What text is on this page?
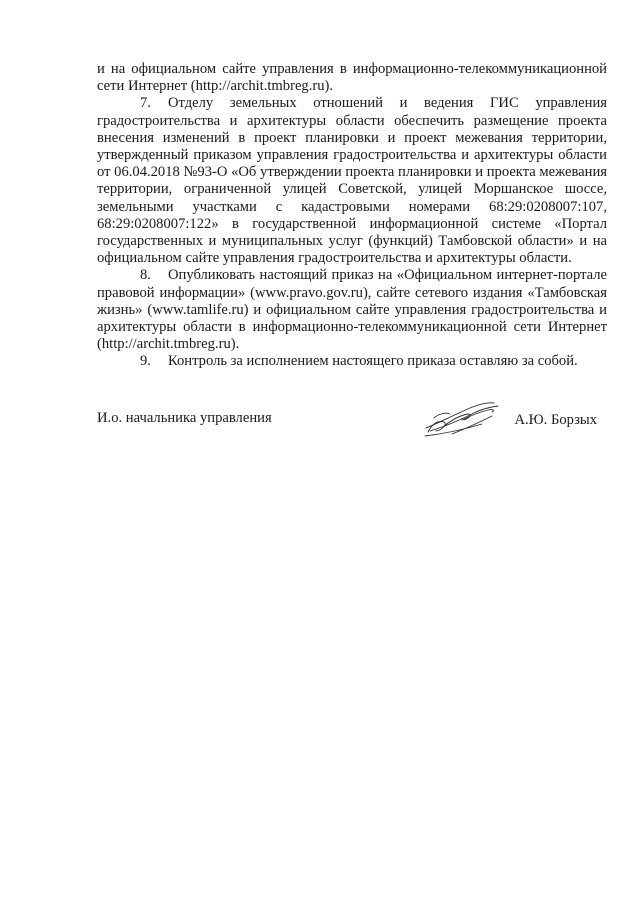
и на официальном сайте управления в информационно-телекоммуникационной сети Интернет (http://archit.tmbreg.ru).

7. Отделу земельных отношений и ведения ГИС управления градостроительства и архитектуры области обеспечить размещение проекта внесения изменений в проект планировки и проект межевания территории, утвержденный приказом управления градостроительства и архитектуры области от 06.04.2018 №93-О «Об утверждении проекта планировки и проекта межевания территории, ограниченной улицей Советской, улицей Моршанское шоссе, земельными участками с кадастровыми номерами 68:29:0208007:107, 68:29:0208007:122» в государственной информационной системе «Портал государственных и муниципальных услуг (функций) Тамбовской области» и на официальном сайте управления градостроительства и архитектуры области.

8. Опубликовать настоящий приказ на «Официальном интернет-портале правовой информации» (www.pravo.gov.ru), сайте сетевого издания «Тамбовская жизнь» (www.tamlife.ru) и официальном сайте управления градостроительства и архитектуры области в информационно-телекоммуникационной сети Интернет (http://archit.tmbreg.ru).

9. Контроль за исполнением настоящего приказа оставляю за собой.

И.о. начальника управления	А.Ю. Борзых
